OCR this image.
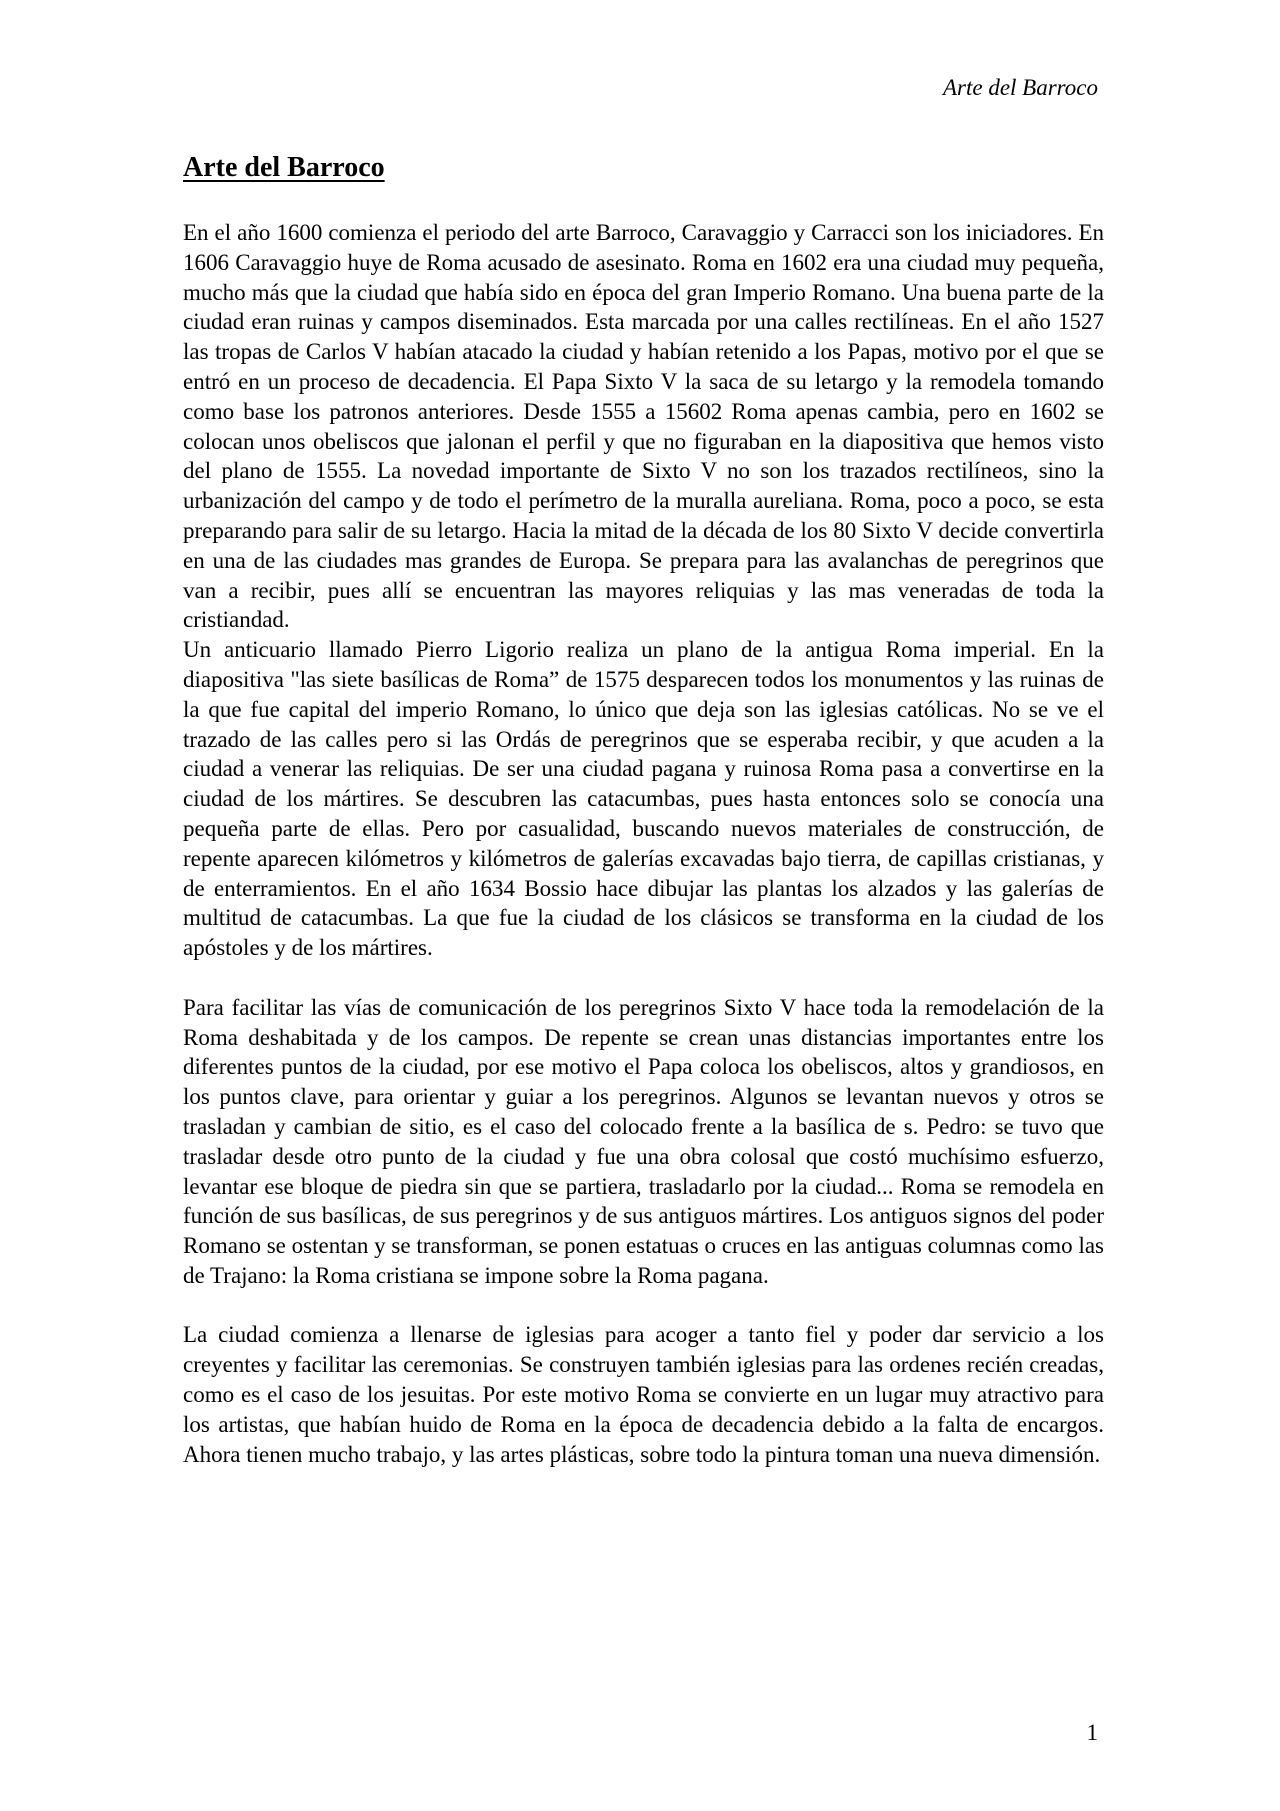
Arte del Barroco
Arte del Barroco

En el año 1600 comienza el periodo del arte Barroco, Caravaggio y Carracci son los iniciadores. En 1606 Caravaggio huye de Roma acusado de asesinato. Roma en 1602 era una ciudad muy pequeña, mucho más que la ciudad que había sido en época del gran Imperio Romano. Una buena parte de la ciudad eran ruinas y campos diseminados. Esta marcada por una calles rectilíneas. En el año 1527 las tropas de Carlos V habían atacado la ciudad y habían retenido a los Papas, motivo por el que se entró en un proceso de decadencia. El Papa Sixto V la saca de su letargo y la remodela tomando como base los patronos anteriores. Desde 1555 a 15602 Roma apenas cambia, pero en 1602 se colocan unos obeliscos que jalonan el perfil y que no figuraban en la diapositiva que hemos visto del plano de 1555. La novedad importante de Sixto V no son los trazados rectilíneos, sino la urbanización del campo y de todo el perímetro de la muralla aureliana. Roma, poco a poco, se esta preparando para salir de su letargo. Hacia la mitad de la década de los 80 Sixto V decide convertirla en una de las ciudades mas grandes de Europa. Se prepara para las avalanchas de peregrinos que van a recibir, pues allí se encuentran las mayores reliquias y las mas veneradas de toda la cristiandad.

Un anticuario llamado Pierro Ligorio realiza un plano de la antigua Roma imperial. En la diapositiva "las siete basílicas de Roma” de 1575 desparecen todos los monumentos y las ruinas de la que fue capital del imperio Romano, lo único que deja son las iglesias católicas. No se ve el trazado de las calles pero si las Ordás de peregrinos que se esperaba recibir, y que acuden a la ciudad a venerar las reliquias. De ser una ciudad pagana y ruinosa Roma pasa a convertirse en la ciudad de los mártires. Se descubren las catacumbas, pues hasta entonces solo se conocía una pequeña parte de ellas. Pero por casualidad, buscando nuevos materiales de construcción, de repente aparecen kilómetros y kilómetros de galerías excavadas bajo tierra, de capillas cristianas, y de enterramientos. En el año 1634 Bossio hace dibujar las plantas los alzados y las galerías de multitud de catacumbas. La que fue la ciudad de los clásicos se transforma en la ciudad de los apóstoles y de los mártires.

Para facilitar las vías de comunicación de los peregrinos Sixto V hace toda la remodelación de la Roma deshabitada y de los campos. De repente se crean unas distancias importantes entre los diferentes puntos de la ciudad, por ese motivo el Papa coloca los obeliscos, altos y grandiosos, en los puntos clave, para orientar y guiar a los peregrinos. Algunos se levantan nuevos y otros se trasladan y cambian de sitio, es el caso del colocado frente a la basílica de s. Pedro: se tuvo que trasladar desde otro punto de la ciudad y fue una obra colosal que costó muchísimo esfuerzo, levantar ese bloque de piedra sin que se partiera, trasladarlo por la ciudad... Roma se remodela en función de sus basílicas, de sus peregrinos y de sus antiguos mártires. Los antiguos signos del poder Romano se ostentan y se transforman, se ponen estatuas o cruces en las antiguas columnas como las de Trajano: la Roma cristiana se impone sobre la Roma pagana.

La ciudad comienza a llenarse de iglesias para acoger a tanto fiel y poder dar servicio a los creyentes y facilitar las ceremonias. Se construyen también iglesias para las ordenes recién creadas, como es el caso de los jesuitas. Por este motivo Roma se convierte en un lugar muy atractivo para los artistas, que habían huido de Roma en la época de decadencia debido a la falta de encargos. Ahora tienen mucho trabajo, y las artes plásticas, sobre todo la pintura toman una nueva dimensión.

1
